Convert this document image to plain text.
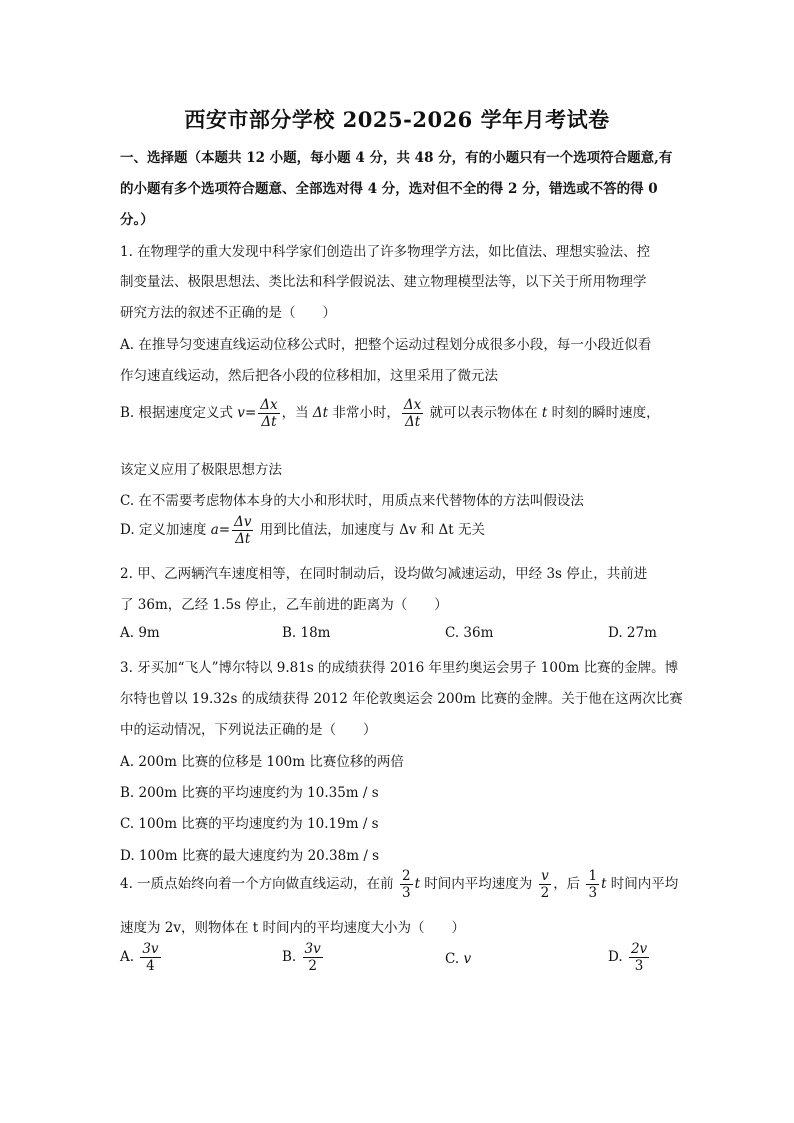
西安市部分学校 2025-2026 学年月考试卷
一、选择题（本题共 12 小题，每小题 4 分，共 48 分，有的小题只有一个选项符合题意,有
的小题有多个选项符合题意、全部选对得 4 分，选对但不全的得 2 分，错选或不答的得 0
分。）
1. 在物理学的重大发现中科学家们创造出了许多物理学方法，如比值法、理想实验法、控
制变量法、极限思想法、类比法和科学假说法、建立物理模型法等，以下关于所用物理学
研究方法的叙述不正确的是（　　）
A. 在推导匀变速直线运动位移公式时，把整个运动过程划分成很多小段，每一小段近似看
作匀速直线运动，然后把各小段的位移相加，这里采用了微元法
B. 根据速度定义式 $v= \frac{\Delta x}{\Delta t}$ ，当 Δt 非常小时， $\frac{\Delta x}{\Delta t}$ 就可以表示物体在 t 时刻的瞬时速度，
该定义应用了极限思想方法
C. 在不需要考虑物体本身的大小和形状时，用质点来代替物体的方法叫假设法
D. 定义加速度 $a= \frac{\Delta v}{\Delta t}$ 用到比值法，加速度与 Δv 和 Δt 无关
2. 甲、乙两辆汽车速度相等，在同时制动后，设均做匀减速运动，甲经 3s 停止，共前进
了 36m，乙经 1.5s 停止，乙车前进的距离为（　　）
A. 9m	B. 18m	C. 36m	D. 27m
3. 牙买加“飞人”博尔特以 9.81s 的成绩获得 2016 年里约奥运会男子 100m 比赛的金牌。博
尔特也曾以 19.32s 的成绩获得 2012 年伦敦奥运会 200m 比赛的金牌。关于他在这两次比赛
中的运动情况，下列说法正确的是（　　）
A. 200m 比赛的位移是 100m 比赛位移的两倍
B. 200m 比赛的平均速度约为 10.35m / s
C. 100m 比赛的平均速度约为 10.19m / s
D. 100m 比赛的最大速度约为 20.38m / s
4. 一质点始终向着一个方向做直线运动，在前 $\frac{2}{3}$ t 时间内平均速度为 $\frac{v}{2}$ ，后 $\frac{1}{3}$ t 时间内平均
速度为 2v，则物体在 t 时间内的平均速度大小为（　　）
A. $\frac{3v}{4}$	B. $\frac{3v}{2}$	C. v	D. $\frac{2v}{3}$
